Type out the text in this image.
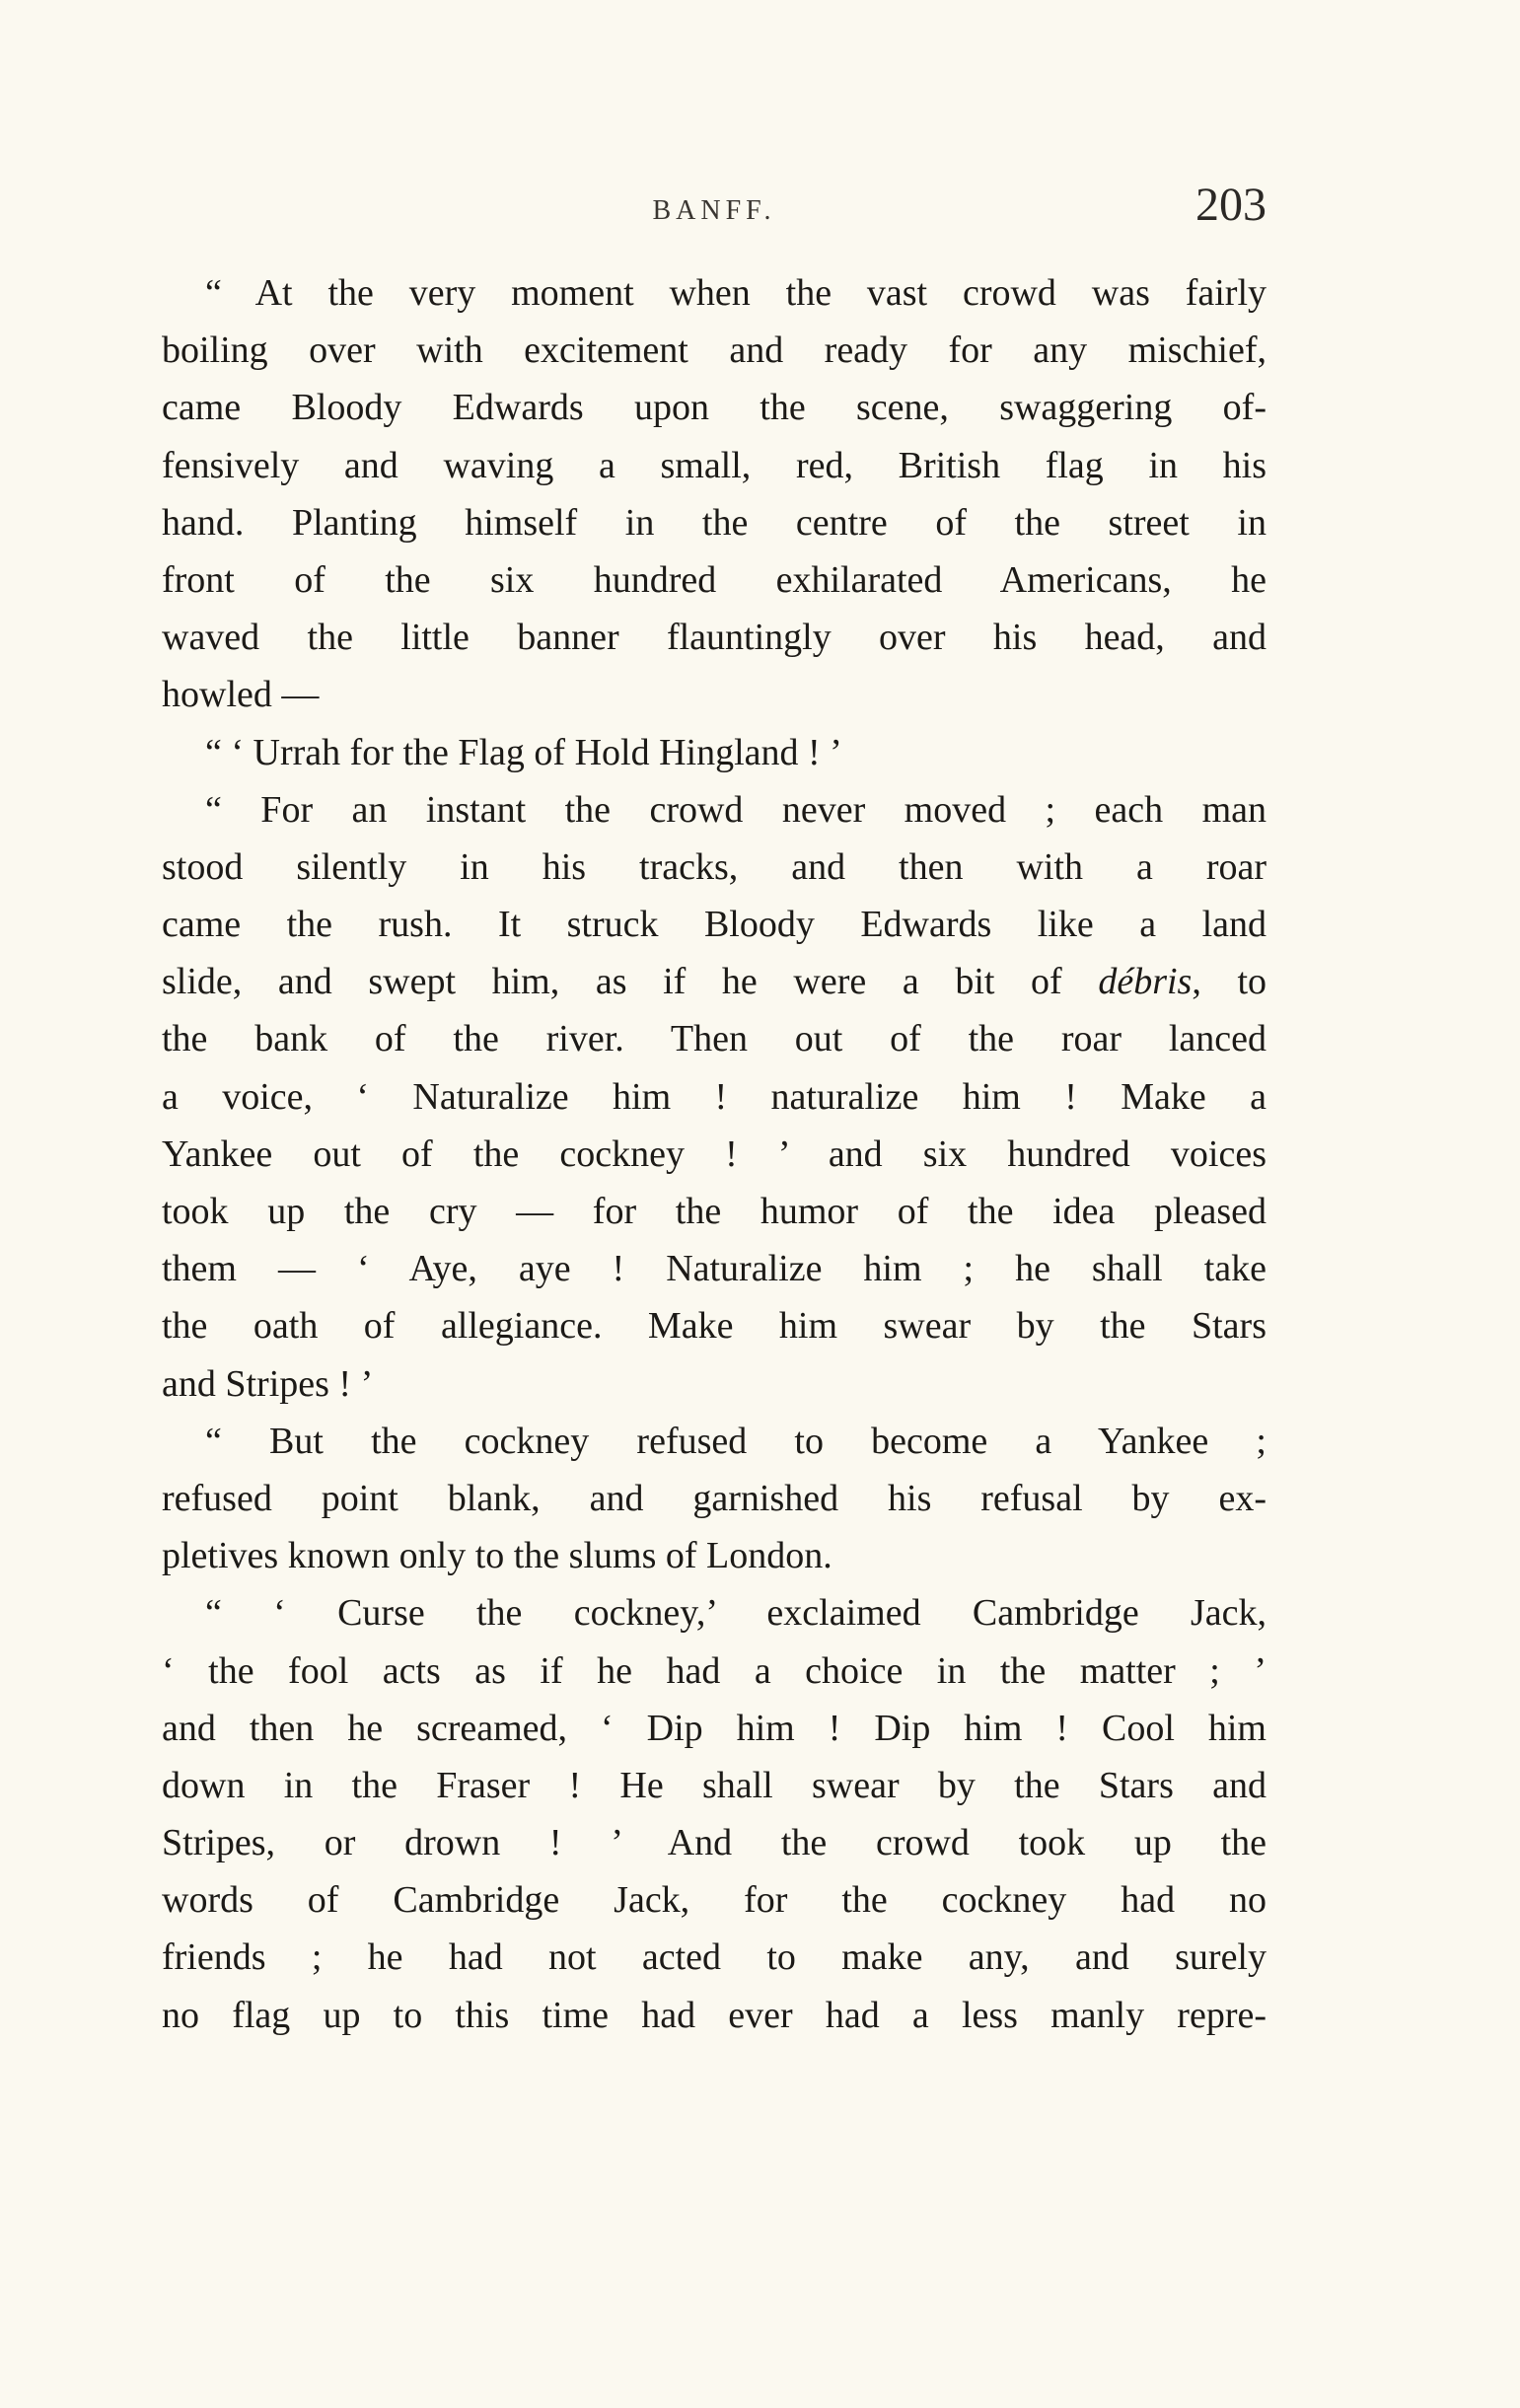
BANFF.	203
“ At the very moment when the vast crowd was fairly
boiling over with excitement and ready for any mischief,
came Bloody Edwards upon the scene, swaggering of-
fensively and waving a small, red, British flag in his
hand. Planting himself in the centre of the street in
front of the six hundred exhilarated Americans, he
waved the little banner flauntingly over his head, and
howled —
“ ‘ Urrah for the Flag of Hold Hingland ! ’
“ For an instant the crowd never moved ; each man
stood silently in his tracks, and then with a roar
came the rush. It struck Bloody Edwards like a land
slide, and swept him, as if he were a bit of débris, to
the bank of the river. Then out of the roar lanced
a voice, ‘ Naturalize him ! naturalize him ! Make a
Yankee out of the cockney ! ’ and six hundred voices
took up the cry — for the humor of the idea pleased
them — ‘ Aye, aye ! Naturalize him ; he shall take
the oath of allegiance. Make him swear by the Stars
and Stripes ! ’
“ But the cockney refused to become a Yankee ;
refused point blank, and garnished his refusal by ex-
pletives known only to the slums of London.
“ ‘ Curse the cockney,’ exclaimed Cambridge Jack,
‘ the fool acts as if he had a choice in the matter ; ’
and then he screamed, ‘ Dip him ! Dip him ! Cool him
down in the Fraser ! He shall swear by the Stars and
Stripes, or drown ! ’ And the crowd took up the
words of Cambridge Jack, for the cockney had no
friends ; he had not acted to make any, and surely
no flag up to this time had ever had a less manly repre-
